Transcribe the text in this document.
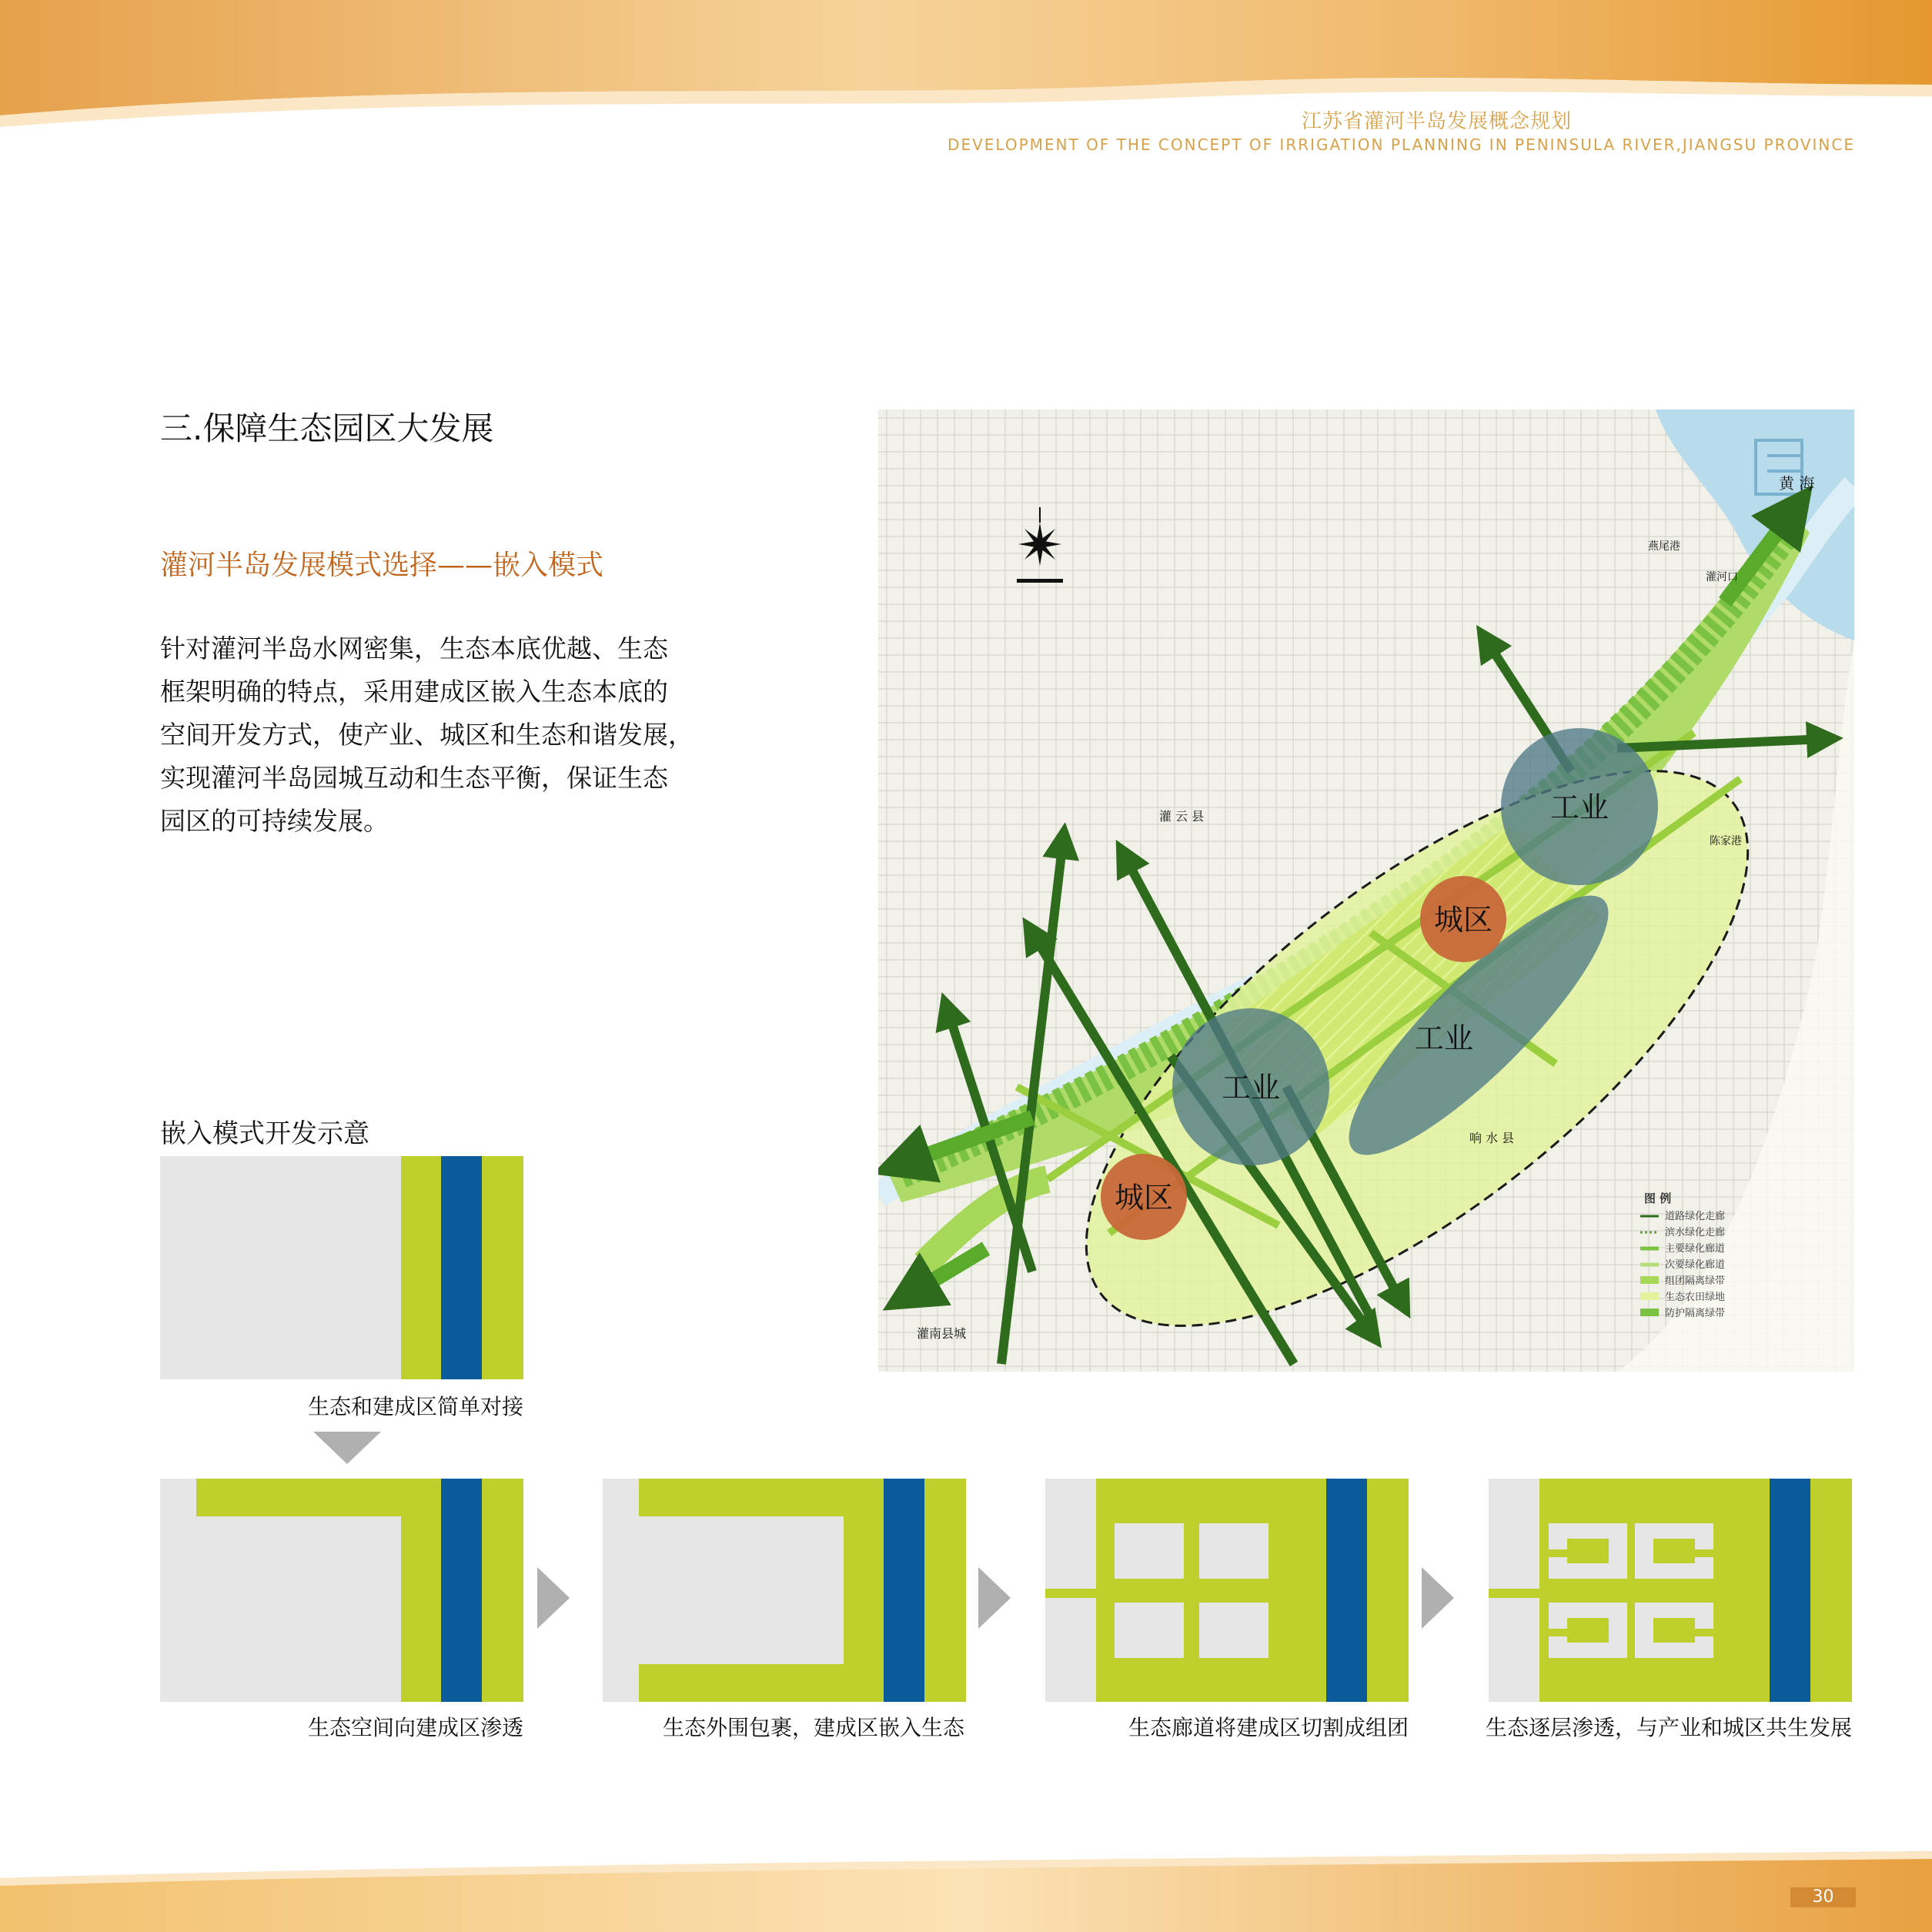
江苏省灌河半岛发展概念规划
DEVELOPMENT OF THE CONCEPT OF IRRIGATION PLANNING IN PENINSULA RIVER,JIANGSU PROVINCE
三.保障生态园区大发展
灌河半岛发展模式选择——嵌入模式
针对灌河半岛水网密集，生态本底优越、生态
框架明确的特点，采用建成区嵌入生态本底的
空间开发方式，使产业、城区和生态和谐发展，
实现灌河半岛园城互动和生态平衡，保证生态
园区的可持续发展。	工业
工业
工业
城区
城区
黄 海
燕尾港
灌河口
陈家港
灌 云 县
响 水 县
灌南县城
图 例
道路绿化走廊
滨水绿化走廊
主要绿化廊道
次要绿化廊道
组团隔离绿带
生态农田绿地
防护隔离绿带
嵌入模式开发示意
生态和建成区简单对接
生态空间向建成区渗透	生态外围包裹，建成区嵌入生态	生态廊道将建成区切割成组团	生态逐层渗透，与产业和城区共生发展
30
